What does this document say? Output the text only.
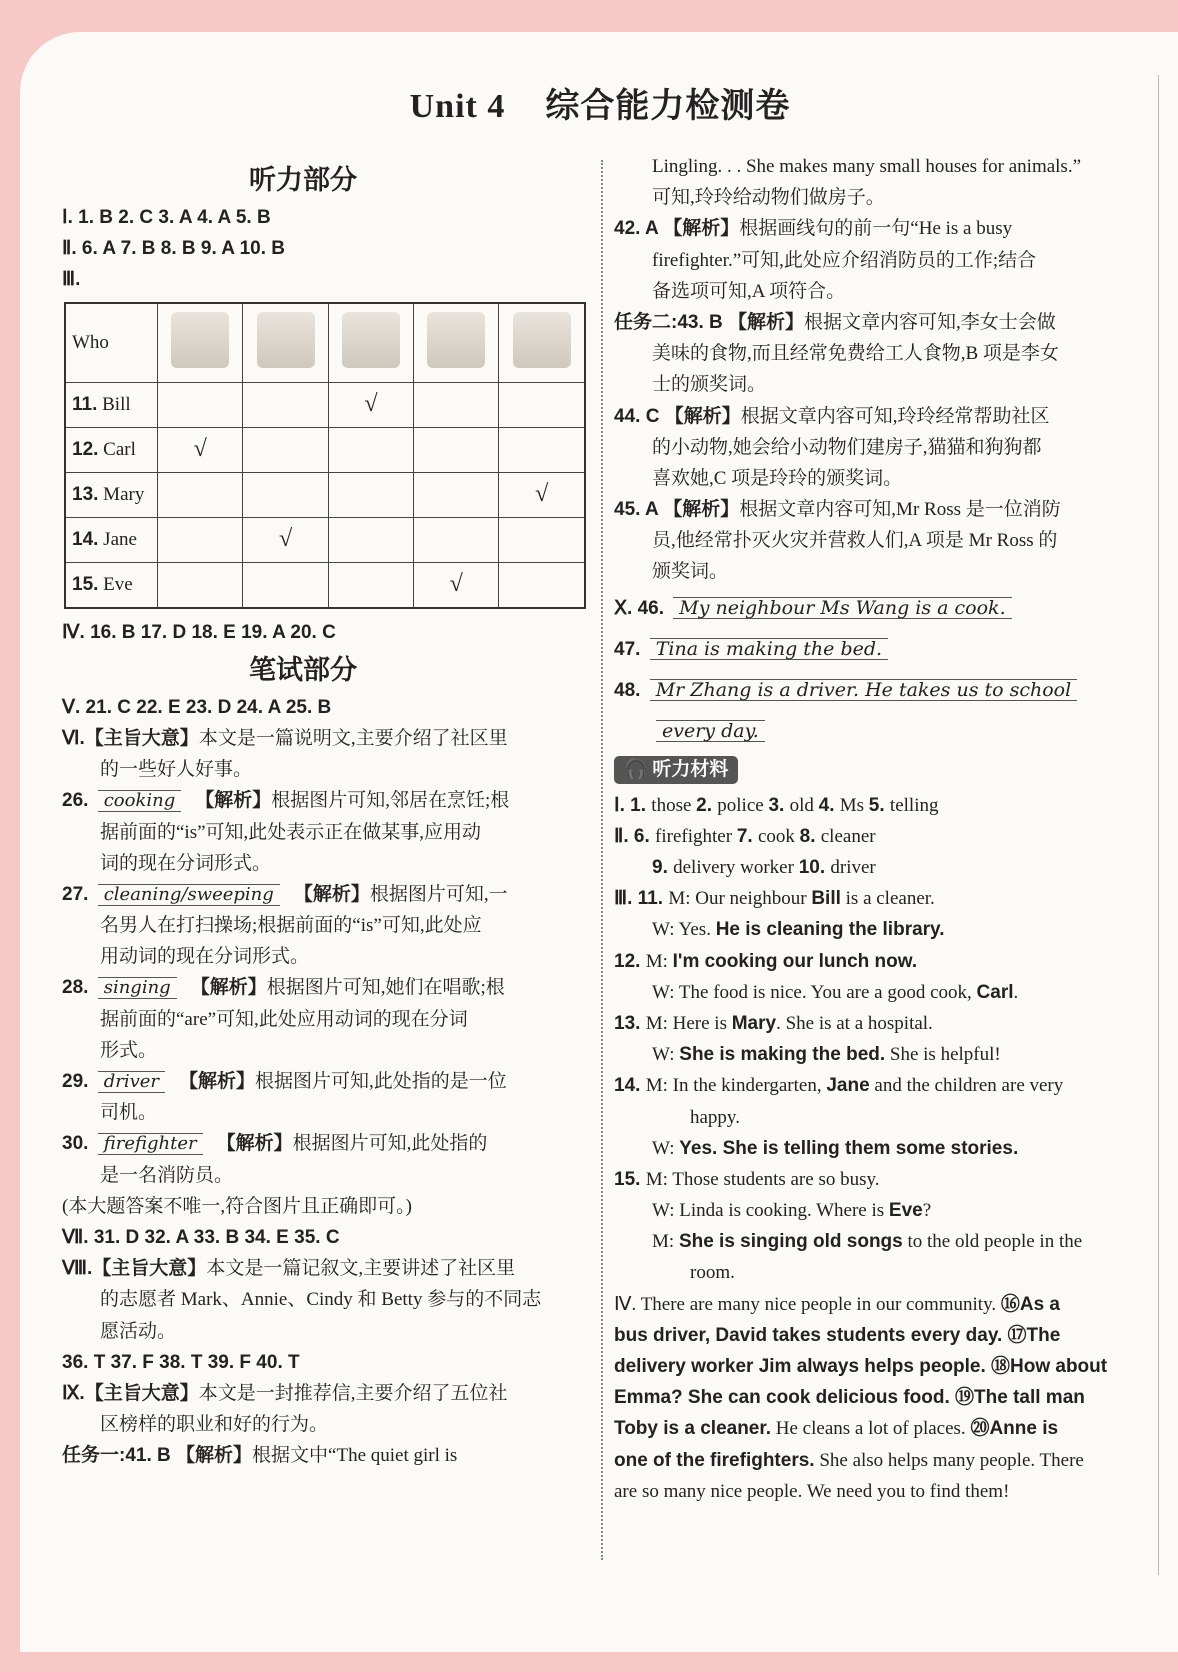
Unit 4 综合能力检测卷
听力部分
Ⅰ. 1. B 2. C 3. A 4. A 5. B
Ⅱ. 6. A 7. B 8. B 9. A 10. B
Ⅲ.
Who					
11. Bill			√		
12. Carl	√				
13. Mary					√
14. Jane		√			
15. Eve				√	
Ⅳ. 16. B 17. D 18. E 19. A 20. C
笔试部分
Ⅴ. 21. C 22. E 23. D 24. A 25. B
Ⅵ.【主旨大意】本文是一篇说明文,主要介绍了社区里
的一些好人好事。
26. cooking 【解析】根据图片可知,邻居在烹饪;根
据前面的“is”可知,此处表示正在做某事,应用动
词的现在分词形式。
27. cleaning/sweeping 【解析】根据图片可知,一
名男人在打扫操场;根据前面的“is”可知,此处应
用动词的现在分词形式。
28. singing 【解析】根据图片可知,她们在唱歌;根
据前面的“are”可知,此处应用动词的现在分词
形式。
29. driver 【解析】根据图片可知,此处指的是一位
司机。
30. firefighter 【解析】根据图片可知,此处指的
是一名消防员。
(本大题答案不唯一,符合图片且正确即可。)
Ⅶ. 31. D 32. A 33. B 34. E 35. C
Ⅷ.【主旨大意】本文是一篇记叙文,主要讲述了社区里
的志愿者 Mark、Annie、Cindy 和 Betty 参与的不同志
愿活动。
36. T 37. F 38. T 39. F 40. T
Ⅸ.【主旨大意】本文是一封推荐信,主要介绍了五位社
区榜样的职业和好的行为。
任务一:41. B 【解析】根据文中“The quiet girl is
Lingling. . . She makes many small houses for animals.”
可知,玲玲给动物们做房子。
42. A 【解析】根据画线句的前一句“He is a busy
firefighter.”可知,此处应介绍消防员的工作;结合
备选项可知,A 项符合。
任务二:43. B 【解析】根据文章内容可知,李女士会做
美味的食物,而且经常免费给工人食物,B 项是李女
士的颁奖词。
44. C 【解析】根据文章内容可知,玲玲经常帮助社区
的小动物,她会给小动物们建房子,猫猫和狗狗都
喜欢她,C 项是玲玲的颁奖词。
45. A 【解析】根据文章内容可知,Mr Ross 是一位消防
员,他经常扑灭火灾并营救人们,A 项是 Mr Ross 的
颁奖词。
Ⅹ. 46. My neighbour Ms Wang is a cook.
47. Tina is making the bed.
48. Mr Zhang is a driver. He takes us to school
every day.
🎧 听力材料
Ⅰ. 1. those 2. police 3. old 4. Ms 5. telling
Ⅱ. 6. firefighter 7. cook 8. cleaner
9. delivery worker 10. driver
Ⅲ. 11. M: Our neighbour Bill is a cleaner.
W: Yes. He is cleaning the library.
12. M: I'm cooking our lunch now.
W: The food is nice. You are a good cook, Carl.
13. M: Here is Mary. She is at a hospital.
W: She is making the bed. She is helpful!
14. M: In the kindergarten, Jane and the children are very
happy.
W: Yes. She is telling them some stories.
15. M: Those students are so busy.
W: Linda is cooking. Where is Eve?
M: She is singing old songs to the old people in the
room.
Ⅳ. There are many nice people in our community. ⑯As a
bus driver, David takes students every day. ⑰The
delivery worker Jim always helps people. ⑱How about
Emma? She can cook delicious food. ⑲The tall man
Toby is a cleaner. He cleans a lot of places. ⑳Anne is
one of the firefighters. She also helps many people. There
are so many nice people. We need you to find them!
